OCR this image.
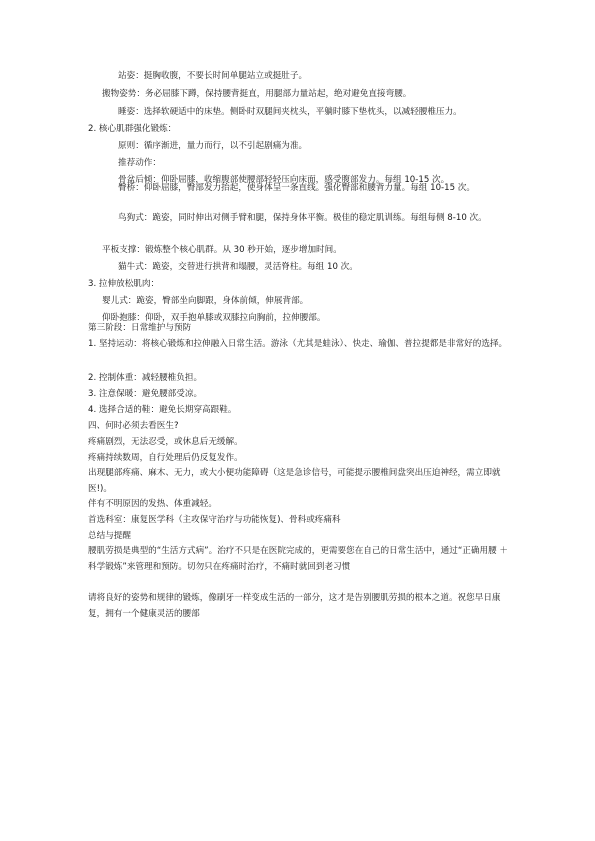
站姿：挺胸收腹，不要长时间单腿站立或挺肚子。
搬物姿势：务必屈膝下蹲，保持腰背挺直，用腿部力量站起，绝对避免直接弯腰。
睡姿：选择软硬适中的床垫。侧卧时双腿间夹枕头，平躺时膝下垫枕头，以减轻腰椎压力。
2. 核心肌群强化锻炼：
原则：循序渐进，量力而行，以不引起剧痛为准。
推荐动作：
骨盆后倾：仰卧屈膝，收缩腹部使腰部轻轻压向床面，感受腹部发力。每组 10-15 次。
臀桥：仰卧屈膝，臀部发力抬起，使身体呈一条直线。强化臀部和腰背力量。每组 10-15 次。
鸟狗式：跪姿，同时伸出对侧手臂和腿，保持身体平衡。极佳的稳定肌训练。每组每侧 8-10 次。
平板支撑：锻炼整个核心肌群。从 30 秒开始，逐步增加时间。
猫牛式：跪姿，交替进行拱背和塌腰，灵活脊柱。每组 10 次。
3. 拉伸放松肌肉：
婴儿式：跪姿，臀部坐向脚跟，身体前倾，伸展背部。
仰卧抱膝：仰卧，双手抱单膝或双膝拉向胸前，拉伸腰部。
第三阶段：日常维护与预防
1. 坚持运动：将核心锻炼和拉伸融入日常生活。游泳（尤其是蛙泳）、快走、瑜伽、普拉提都是非常好的选择。
2. 控制体重：减轻腰椎负担。
3. 注意保暖：避免腰部受凉。
4. 选择合适的鞋：避免长期穿高跟鞋。
四、何时必须去看医生?
疼痛剧烈，无法忍受，或休息后无缓解。
疼痛持续数周，自行处理后仍反复发作。
出现腿部疼痛、麻木、无力，或大小便功能障碍（这是急诊信号，可能提示腰椎间盘突出压迫神经，需立即就医!)。
伴有不明原因的发热、体重减轻。
首选科室：康复医学科（主攻保守治疗与功能恢复)、骨科或疼痛科
总结与提醒
腰肌劳损是典型的“生活方式病”。治疗不只是在医院完成的，更需要您在自己的日常生活中，通过“正确用腰 ＋ 科学锻炼”来管理和预防。切勿只在疼痛时治疗，不痛时就回到老习惯
请将良好的姿势和规律的锻炼，像刷牙一样变成生活的一部分，这才是告别腰肌劳损的根本之道。祝您早日康复，拥有一个健康灵活的腰部
